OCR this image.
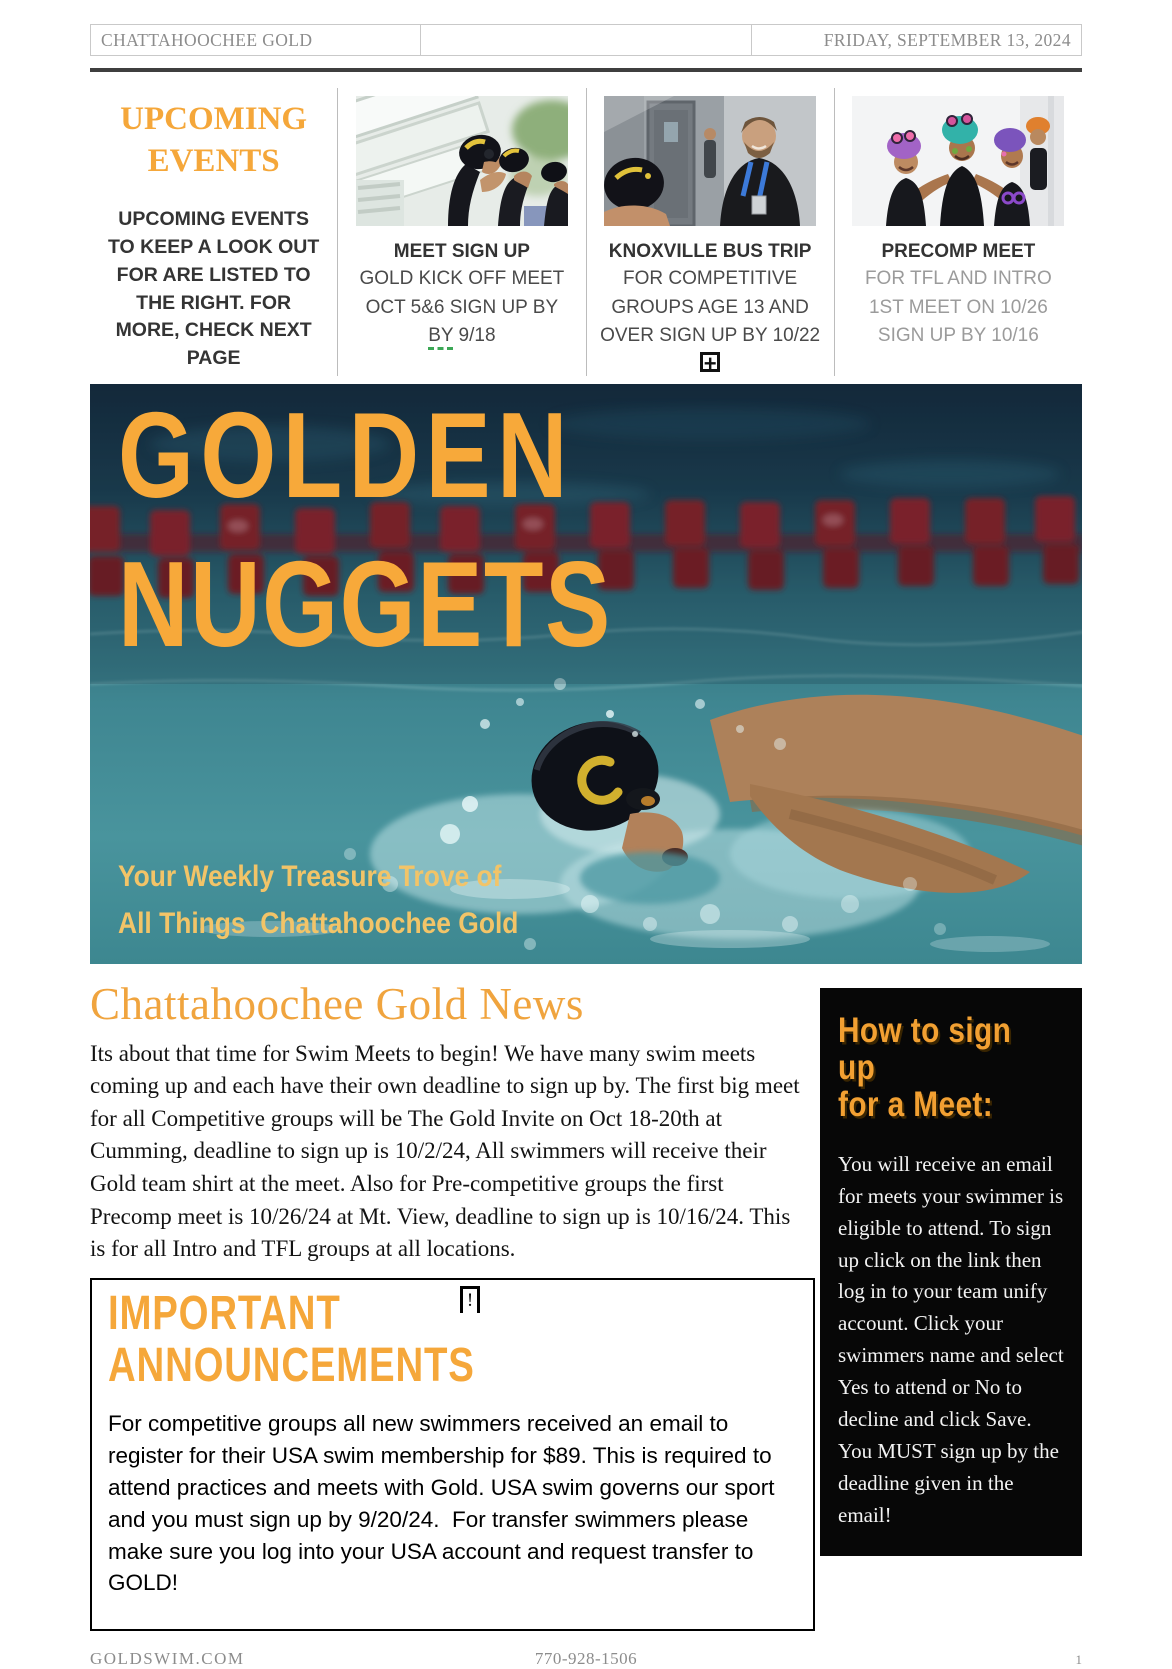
CHATTAHOOCHEE GOLD		FRIDAY, SEPTEMBER 13, 2024
UPCOMING EVENTS
UPCOMING EVENTS
TO KEEP A LOOK OUT
FOR ARE LISTED TO
THE RIGHT. FOR
MORE, CHECK NEXT
PAGE

MEET SIGN UP

GOLD KICK OFF MEET
OCT 5&6 SIGN UP BY
BY 9/18

KNOXVILLE BUS TRIP

FOR COMPETITIVE
GROUPS AGE 13 AND
OVER SIGN UP BY 10/22

+

PRECOMP MEET

FOR TFL AND INTRO
1ST MEET ON 10/26
SIGN UP BY 10/16

GOLDEN
NUGGETS
Your Weekly Treasure Trove of
All Things  Chattahoochee Gold
Chattahoochee Gold News

Its about that time for Swim Meets to begin! We have many swim meets coming up and each have their own deadline to sign up by. The first big meet for all Competitive groups will be The Gold Invite on Oct 18-20th at Cumming, deadline to sign up is 10/2/24, All swimmers will receive their Gold team shirt at the meet. Also for Pre-competitive groups the first Precomp meet is 10/26/24 at Mt. View, deadline to sign up is 10/16/24. This is for all Intro and TFL groups at all locations.

!
IMPORTANT ANNOUNCEMENTS

For competitive groups all new swimmers received an email to register for their USA swim membership for $89. This is required to attend practices and meets with Gold. USA swim governs our sport and you must sign up by 9/20/24.  For transfer swimmers please make sure you log into your USA account and request transfer to GOLD!

How to sign up
for a Meet:

You will receive an email for meets your swimmer is eligible to attend. To sign up click on the link then log in to your team unify account. Click your swimmers name and select Yes to attend or No to decline and click Save.  You MUST sign up by the deadline given in the email!

GOLDSWIM.COM	770-928-1506	1
